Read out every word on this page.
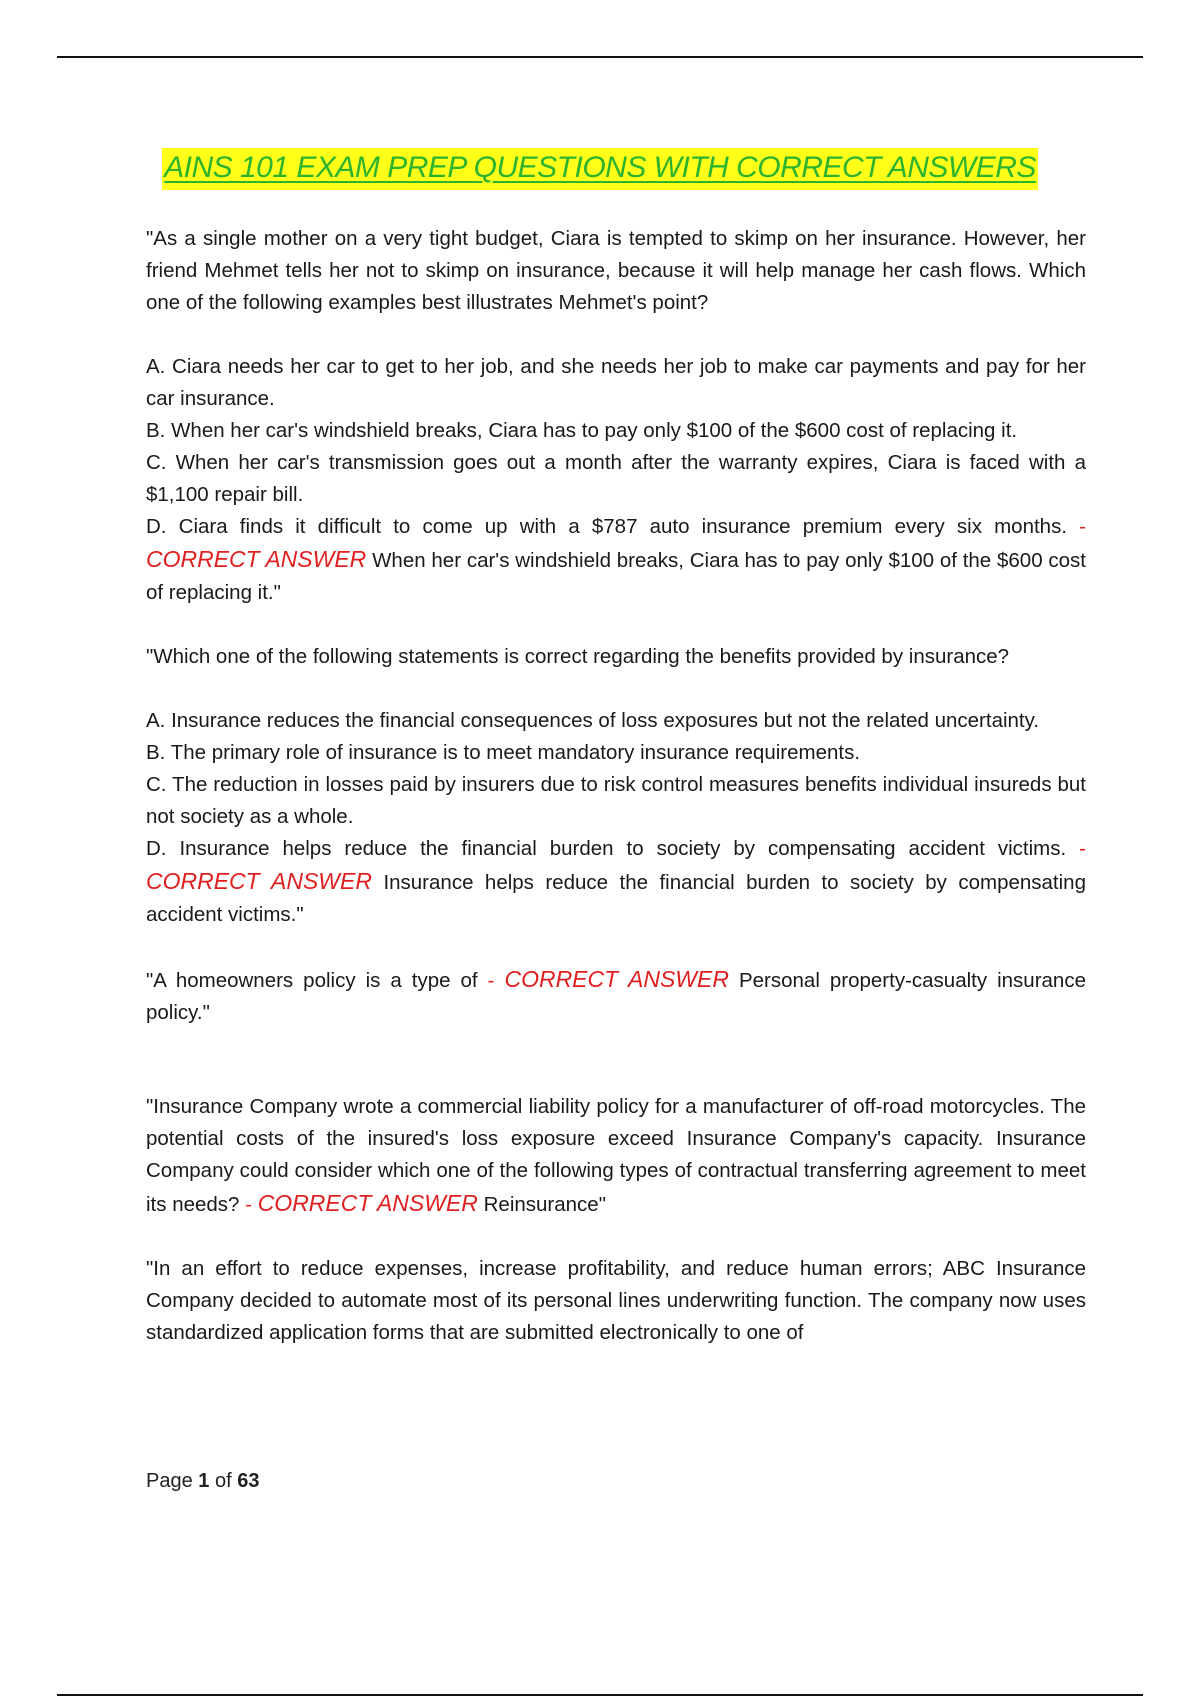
AINS 101 EXAM PREP QUESTIONS WITH CORRECT ANSWERS

"As a single mother on a very tight budget, Ciara is tempted to skimp on her insurance. However, her friend Mehmet tells her not to skimp on insurance, because it will help manage her cash flows. Which one of the following examples best illustrates Mehmet's point?

A. Ciara needs her car to get to her job, and she needs her job to make car payments and pay for her car insurance.

B. When her car's windshield breaks, Ciara has to pay only $100 of the $600 cost of replacing it.

C. When her car's transmission goes out a month after the warranty expires, Ciara is faced with a $1,100 repair bill.

D. Ciara finds it difficult to come up with a $787 auto insurance premium every six months. - CORRECT ANSWER When her car's windshield breaks, Ciara has to pay only $100 of the $600 cost of replacing it."

"Which one of the following statements is correct regarding the benefits provided by insurance?

A. Insurance reduces the financial consequences of loss exposures but not the related uncertainty.

B. The primary role of insurance is to meet mandatory insurance requirements.

C. The reduction in losses paid by insurers due to risk control measures benefits individual insureds but not society as a whole.

D. Insurance helps reduce the financial burden to society by compensating accident victims. - CORRECT ANSWER Insurance helps reduce the financial burden to society by compensating accident victims."

"A homeowners policy is a type of - CORRECT ANSWER Personal property-casualty insurance policy."

"Insurance Company wrote a commercial liability policy for a manufacturer of off-road motorcycles. The potential costs of the insured's loss exposure exceed Insurance Company's capacity. Insurance Company could consider which one of the following types of contractual transferring agreement to meet its needs? - CORRECT ANSWER Reinsurance"

"In an effort to reduce expenses, increase profitability, and reduce human errors; ABC Insurance Company decided to automate most of its personal lines underwriting function. The company now uses standardized application forms that are submitted electronically to one of

Page 1 of 63
